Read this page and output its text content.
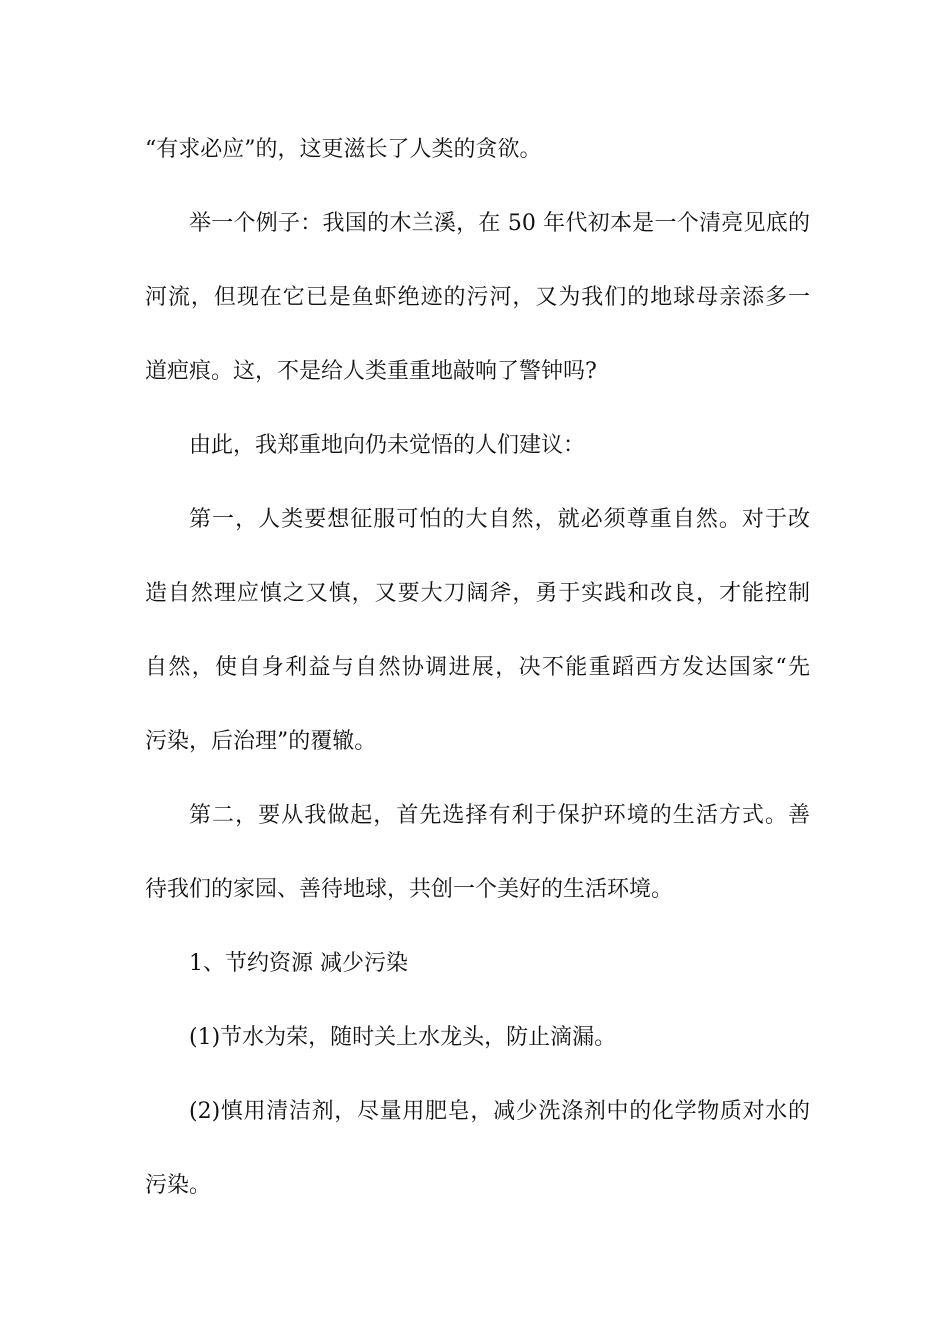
“有求必应”的，这更滋长了人类的贪欲。
举一个例子：我国的木兰溪，在 50 年代初本是一个清亮见底的
河流，但现在它已是鱼虾绝迹的污河，又为我们的地球母亲添多一
道疤痕。这，不是给人类重重地敲响了警钟吗?
由此，我郑重地向仍未觉悟的人们建议：
第一，人类要想征服可怕的大自然，就必须尊重自然。对于改
造自然理应慎之又慎，又要大刀阔斧，勇于实践和改良，才能控制
自然，使自身利益与自然协调进展，决不能重蹈西方发达国家“先
污染，后治理”的覆辙。
第二，要从我做起，首先选择有利于保护环境的生活方式。善
待我们的家园、善待地球，共创一个美好的生活环境。
1、节约资源 减少污染
(1)节水为荣，随时关上水龙头，防止滴漏。
(2)慎用清洁剂，尽量用肥皂，减少洗涤剂中的化学物质对水的
污染。
